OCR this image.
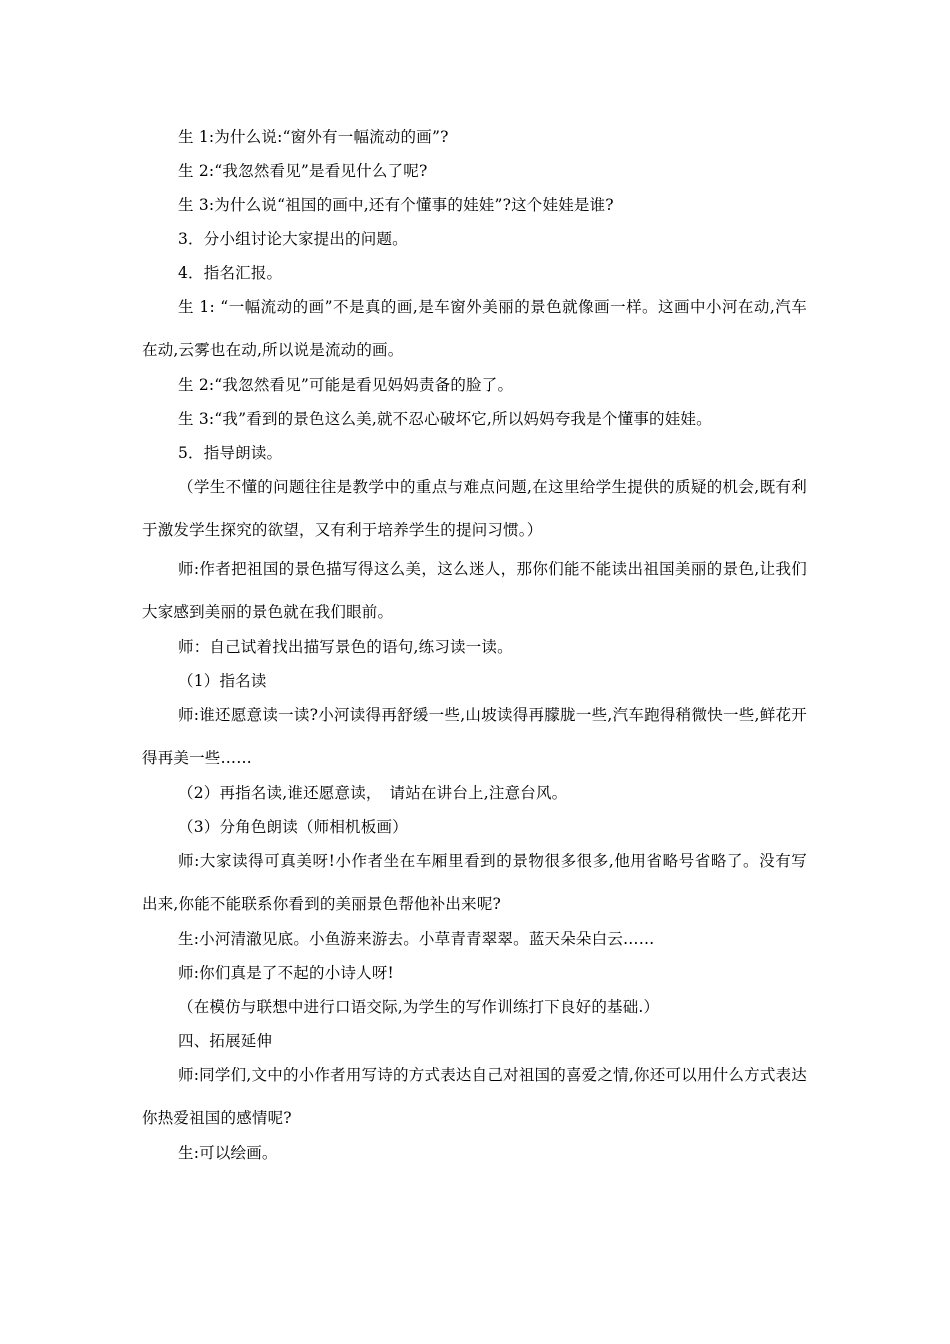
生 1:为什么说:“窗外有一幅流动的画”?
生 2:“我忽然看见”是看见什么了呢?
生 3:为什么说“祖国的画中,还有个懂事的娃娃”?这个娃娃是谁?
3．分小组讨论大家提出的问题。
4．指名汇报。
生 1: “一幅流动的画”不是真的画,是车窗外美丽的景色就像画一样。这画中小河在动,汽车在动,云雾也在动,所以说是流动的画。
生 2:“我忽然看见”可能是看见妈妈责备的脸了。
生 3:“我”看到的景色这么美,就不忍心破坏它,所以妈妈夸我是个懂事的娃娃。
5．指导朗读。
（学生不懂的问题往往是教学中的重点与难点问题,在这里给学生提供的质疑的机会,既有利于激发学生探究的欲望，又有利于培养学生的提问习惯。）
师:作者把祖国的景色描写得这么美，这么迷人，那你们能不能读出祖国美丽的景色,让我们大家感到美丽的景色就在我们眼前。
师：自己试着找出描写景色的语句,练习读一读。
（1）指名读
师:谁还愿意读一读?小河读得再舒缓一些,山坡读得再朦胧一些,汽车跑得稍微快一些,鲜花开得再美一些……
（2）再指名读,谁还愿意读，　请站在讲台上,注意台风。
（3）分角色朗读（师相机板画）
师:大家读得可真美呀!小作者坐在车厢里看到的景物很多很多,他用省略号省略了。没有写出来,你能不能联系你看到的美丽景色帮他补出来呢?
生:小河清澈见底。小鱼游来游去。小草青青翠翠。蓝天朵朵白云……
师:你们真是了不起的小诗人呀!
（在模仿与联想中进行口语交际,为学生的写作训练打下良好的基础.）
四、拓展延伸
师:同学们,文中的小作者用写诗的方式表达自己对祖国的喜爱之情,你还可以用什么方式表达你热爱祖国的感情呢?
生:可以绘画。
